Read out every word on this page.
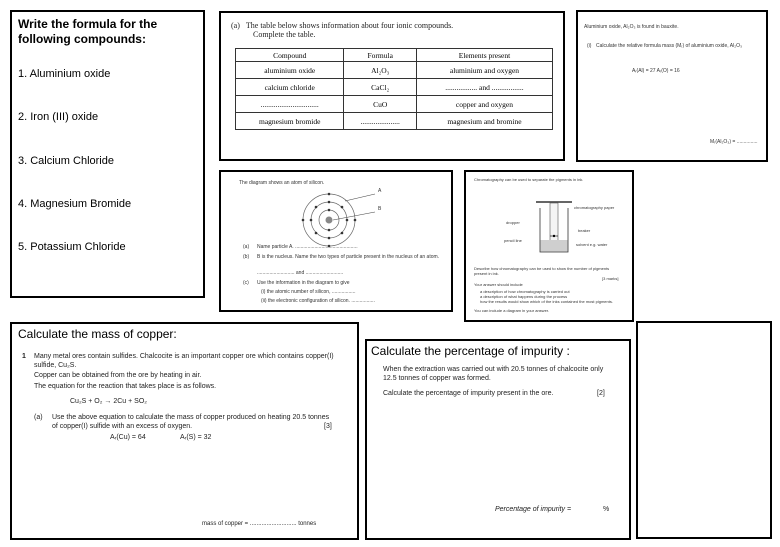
Write the formula for the following compounds:
1. Aluminium oxide
2. Iron (III) oxide
3. Calcium Chloride
4. Magnesium Bromide
5. Potassium Chloride
(a) The table below shows information about four ionic compounds.
Complete the table.
Compound	Formula	Elements present
aluminium oxide	Al₂O₃	aluminium and oxygen
calcium chloride	CaCl₂	................. and .................
...............................	CuO	copper and oxygen
magnesium bromide	.....................	magnesium and bromine
Aluminium oxide, Al₂O₃ is found in bauxite.
(i) Calculate the relative formula mass (Mᵣ) of aluminium oxide, Al₂O₃
Aᵣ(Al) = 27 Aᵣ(O) = 16
Mᵣ(Al₂O₃) = ...............
The diagram shows an atom of silicon.
A
B
(a) Name particle A. .............................................
(b) B is the nucleus. Name the two types of particle present in the nucleus of an atom.
........................... and ...........................
(c) Use the information in the diagram to give
(i) the atomic number of silicon, .................
(ii) the electronic configuration of silicon. .................
Chromatography can be used to separate the pigments in ink.
chromatography paper
dropper
beaker
pencil line
solvent e.g. water
Describe how chromatography can be used to show the number of pigments present in ink.
[3 marks]
Your answer should include
a description of how chromatography is carried out
a description of what happens during the process
how the results would show which of the inks contained the most pigments.
You can include a diagram in your answer.
Calculate the mass of copper:
1 Many metal ores contain sulfides. Chalcocite is an important copper ore which contains copper(I) sulfide, Cu₂S.
Copper can be obtained from the ore by heating in air.
The equation for the reaction that takes place is as follows.
Cu₂S + O₂ → 2Cu + SO₂
(a) Use the above equation to calculate the mass of copper produced on heating 20.5 tonnes of copper(I) sulfide with an excess of oxygen.	[3]
Aᵣ(Cu) = 64	Aᵣ(S) = 32
mass of copper = ............................ tonnes
Calculate the percentage of impurity :
When the extraction was carried out with 20.5 tonnes of chalcocite only 12.5 tonnes of copper was formed.
Calculate the percentage of impurity present in the ore.	[2]
Percentage of impurity =	%
